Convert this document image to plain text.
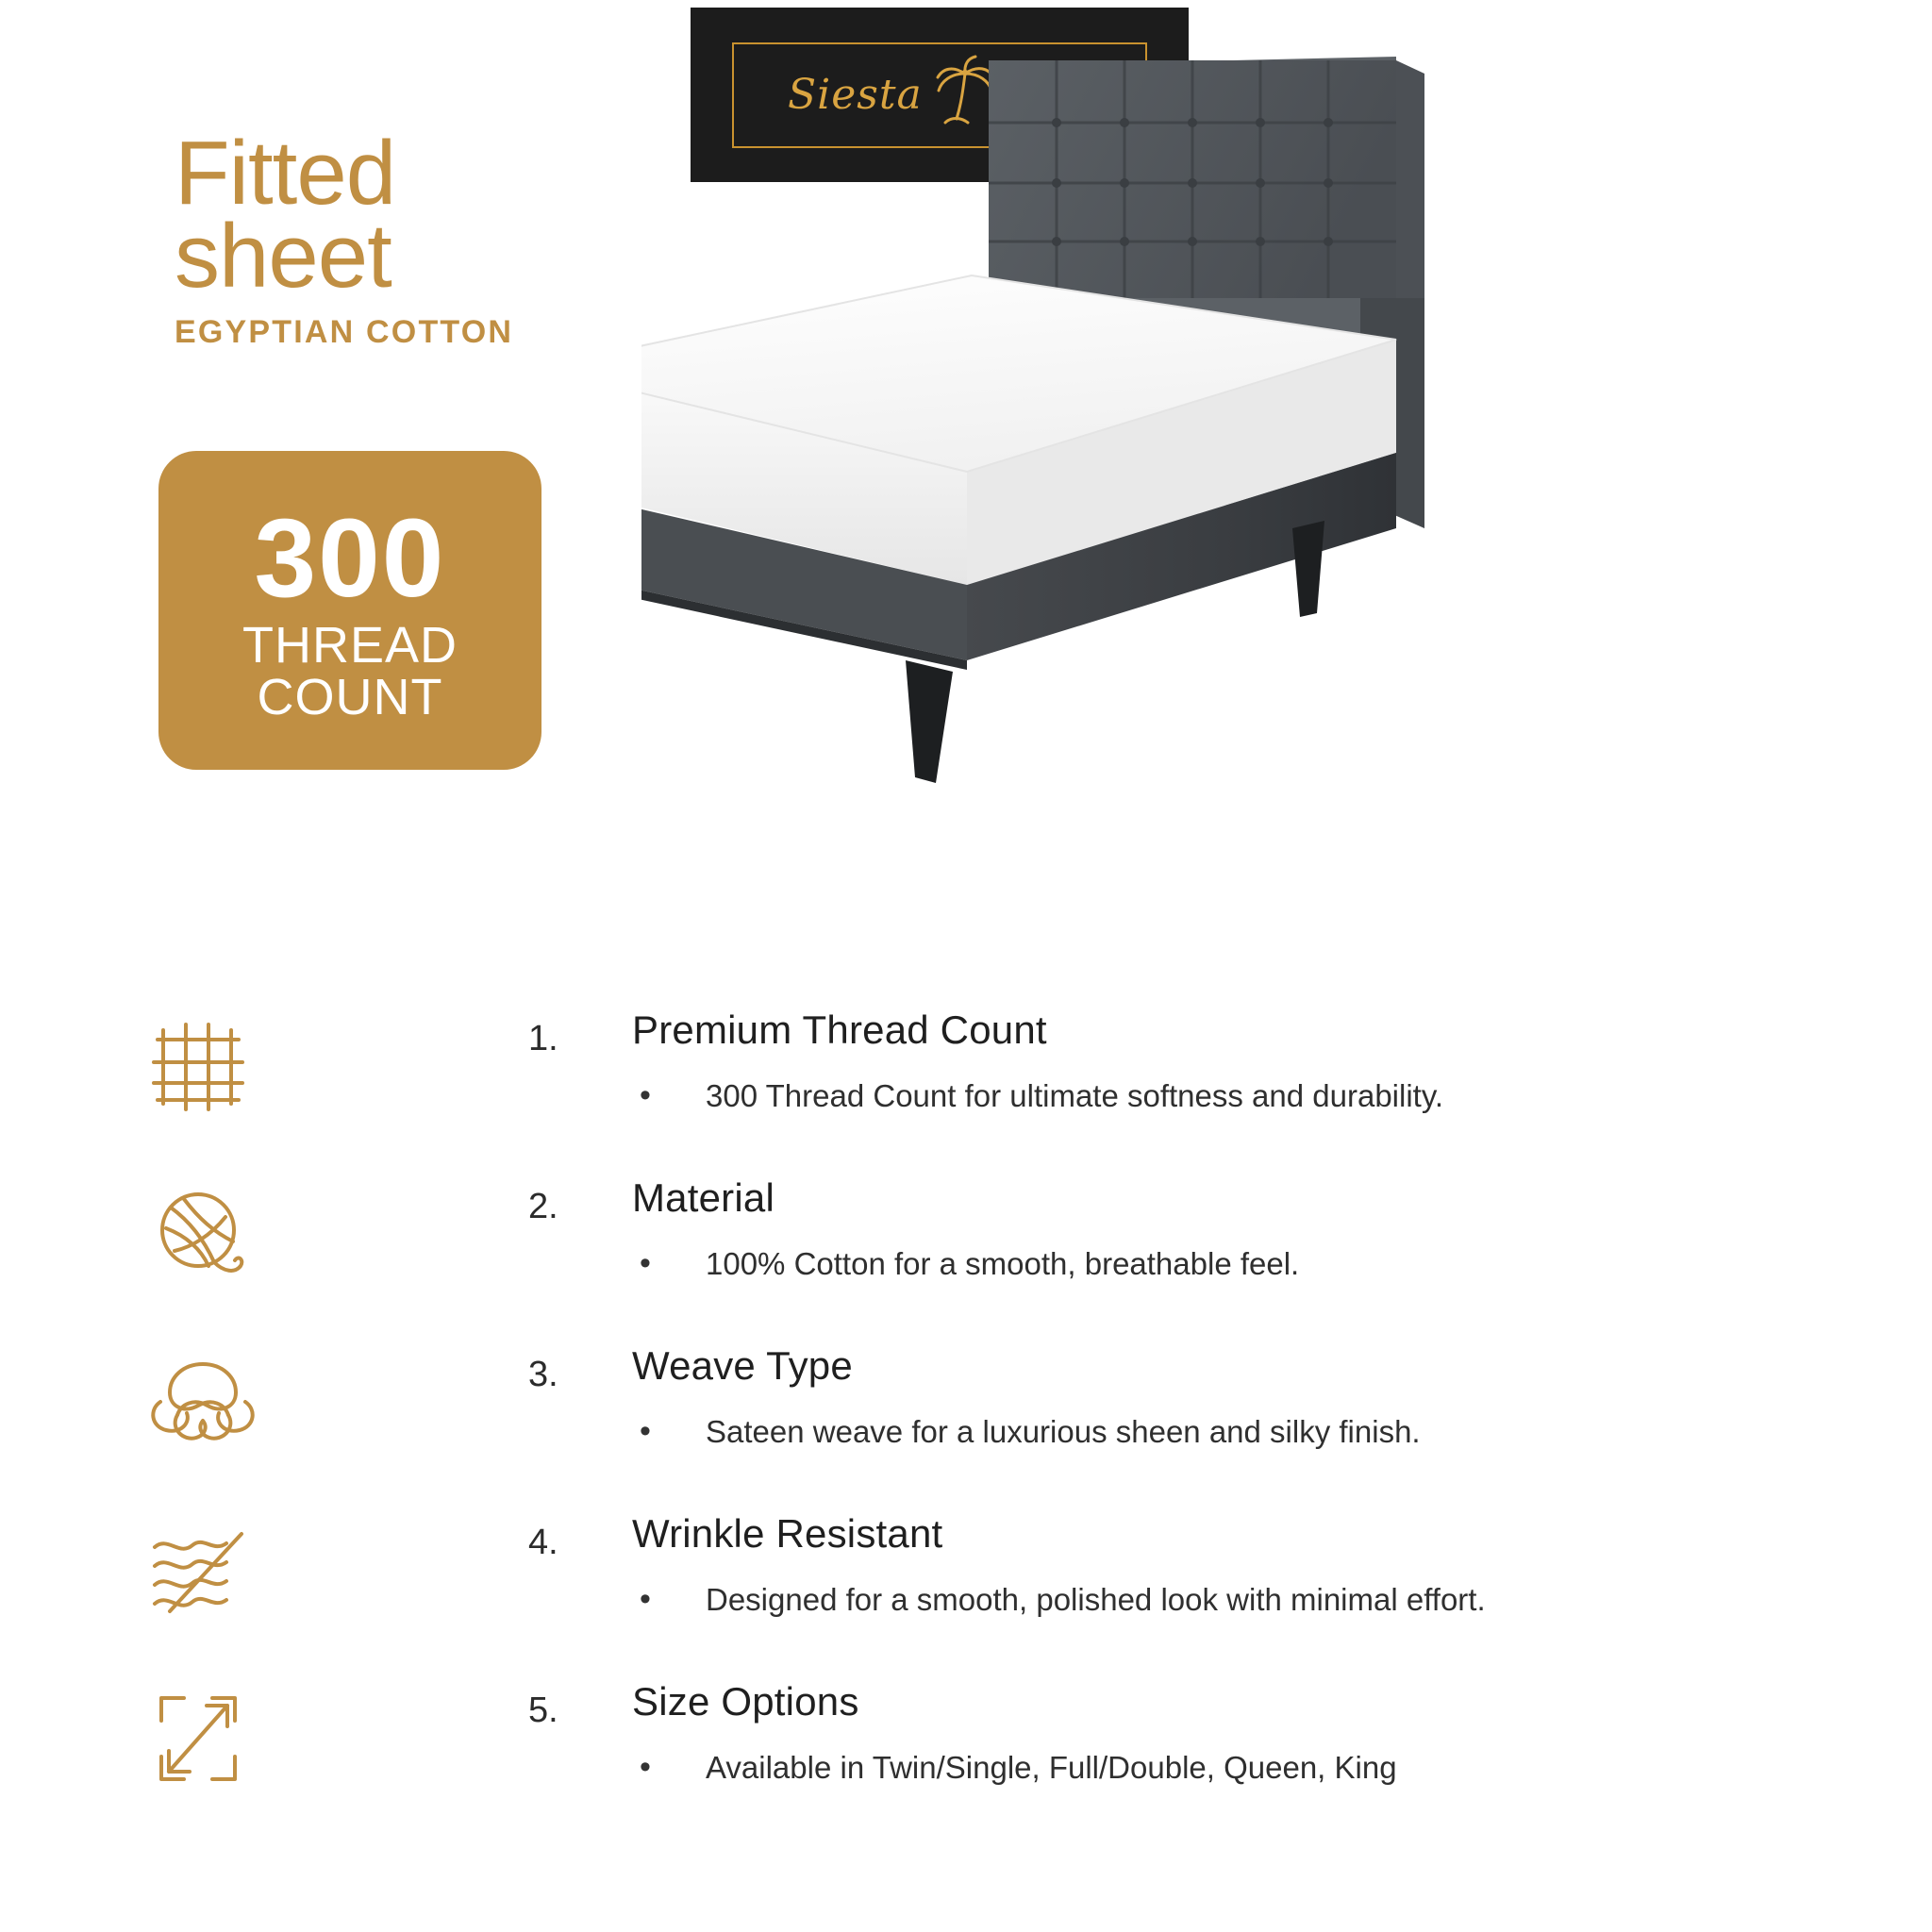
Siesta
Fitted
sheet
EGYPTIAN COTTON
300
THREAD
COUNT
1.	Premium Thread Count
•	300 Thread Count for ultimate softness and durability.
2.	Material
•	100% Cotton for a smooth, breathable feel.
3.	Weave Type
•	Sateen weave for a luxurious sheen and silky finish.
4.	Wrinkle Resistant
•	Designed for a smooth, polished look with minimal effort.
5.	Size Options
•	Available in Twin/Single, Full/Double, Queen, King
